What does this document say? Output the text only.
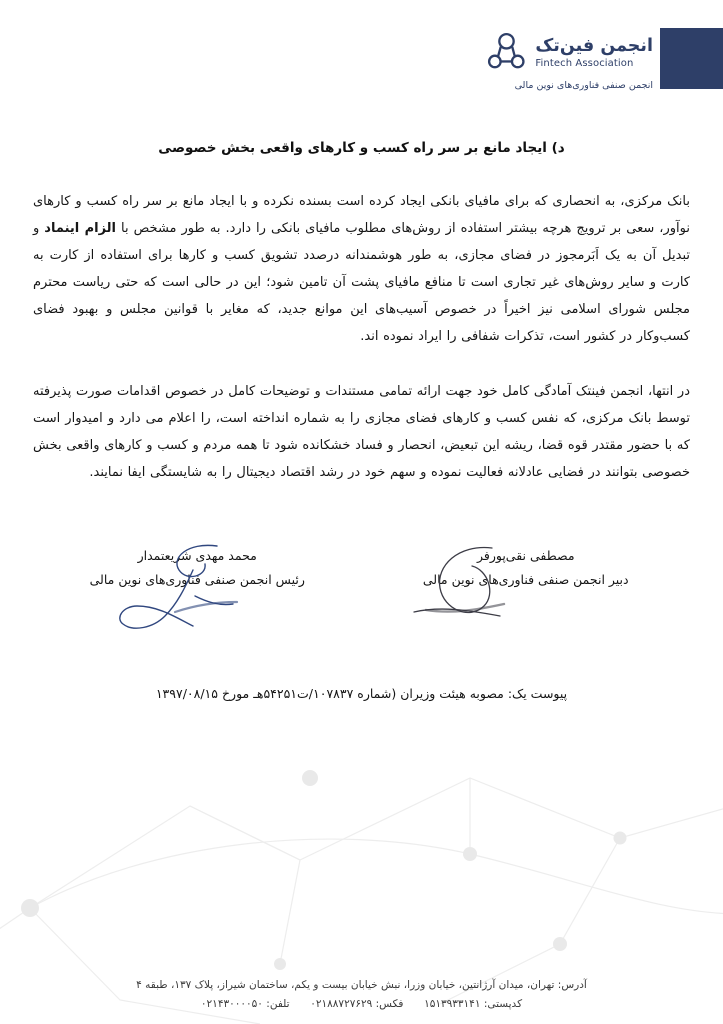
انجمن فین‌تک
Fintech Association
انجمن صنفی فناوری‌های نوین مالی
د) ایجاد مانع بر سر راه کسب و کارهای واقعی بخش خصوصی

بانک مرکزی، به انحصاری که برای مافیای بانکی ایجاد کرده است بسنده نکرده و با ایجاد مانع بر سر راه کسب و کارهای نوآور، سعی بر ترویج هرچه بیشتر استفاده از روش‌های مطلوب مافیای بانکی را دارد. به طور مشخص با الزام اینماد و تبدیل آن به یک اَبَرمجوز در فضای مجازی، به طور هوشمندانه درصدد تشویق کسب و کارها برای استفاده از کارت به کارت و سایر روش‌های غیر تجاری است تا منافع مافیای پشت آن تامین شود؛ این در حالی است که حتی ریاست محترم مجلس شورای اسلامی نیز اخیراً در خصوص آسیب‌های این موانع جدید، که مغایر با قوانین مجلس و بهبود فضای کسب‌وکار در کشور است، تذکرات شفافی را ایراد نموده اند.

در انتها، انجمن فینتک آمادگی کامل خود جهت ارائه تمامی مستندات و توضیحات کامل در خصوص اقدامات صورت پذیرفته توسط بانک مرکزی، که نفس کسب و کارهای فضای مجازی را به شماره انداخته است، را اعلام می دارد و امیدوار است که با حضور مقتدر قوه قضا، ریشه این تبعیض، انحصار و فساد خشکانده شود تا همه مردم و کسب و کارهای واقعی بخش خصوصی بتوانند در فضایی عادلانه فعالیت نموده و سهم خود در رشد اقتصاد دیجیتال را به شایستگی ایفا نمایند.

مصطفی نقی‌پورفر
دبیر انجمن صنفی فناوری‌های نوین مالی
محمد مهدی شریعتمدار
رئیس انجمن صنفی فناوری‌های نوین مالی
پیوست یک: مصوبه هیئت وزیران (شماره ۱۰۷۸۳۷/ت۵۴۲۵۱هـ مورخ ۱۳۹۷/۰۸/۱۵
آدرس: تهران، میدان آرژانتین، خیابان وزرا، نبش خیابان بیست و یکم، ساختمان شیراز، پلاک ۱۳۷، طبقه ۴
کدپستی: ۱۵۱۳۹۳۳۱۴۱  فکس: ۰۲۱۸۸۷۲۷۶۲۹  تلفن: ۰۲۱۴۳۰۰۰۰۵۰
